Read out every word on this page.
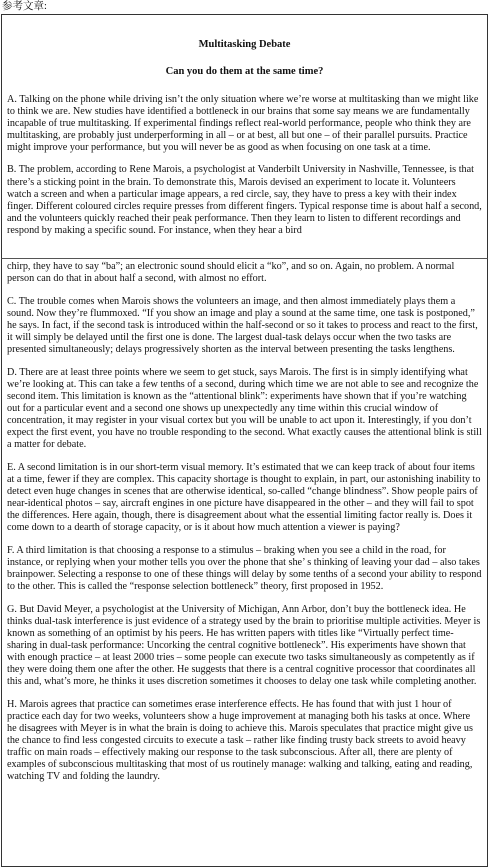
参考文章:
Multitasking Debate
Can you do them at the same time?

A. Talking on the phone while driving isn’t the only situation where we’re worse at multitasking than we might like to think we are. New studies have identified a bottleneck in our brains that some say means we are fundamentally incapable of true multitasking. If experimental findings reflect real-world performance, people who think they are multitasking, are probably just underperforming in all – or at best, all but one – of their parallel pursuits. Practice might improve your performance, but you will never be as good as when focusing on one task at a time.

B. The problem, according to Rene Marois, a psychologist at Vanderbilt University in Nashville, Tennessee, is that there’s a sticking point in the brain. To demonstrate this, Marois devised an experiment to locate it. Volunteers watch a screen and when a particular image appears, a red circle, say, they have to press a key with their index finger. Different coloured circles require presses from different fingers. Typical response time is about half a second, and the volunteers quickly reached their peak performance. Then they learn to listen to different recordings and respond by making a specific sound. For instance, when they hear a bird

chirp, they have to say “ba”; an electronic sound should elicit a “ko”, and so on. Again, no problem. A normal person can do that in about half a second, with almost no effort.

C. The trouble comes when Marois shows the volunteers an image, and then almost immediately plays them a sound. Now they’re flummoxed. “If you show an image and play a sound at the same time, one task is postponed,” he says. In fact, if the second task is introduced within the half-second or so it takes to process and react to the first, it will simply be delayed until the first one is done. The largest dual-task delays occur when the two tasks are presented simultaneously; delays progressively shorten as the interval between presenting the tasks lengthens.

D. There are at least three points where we seem to get stuck, says Marois. The first is in simply identifying what we’re looking at. This can take a few tenths of a second, during which time we are not able to see and recognize the second item. This limitation is known as the “attentional blink”: experiments have shown that if you’re watching out for a particular event and a second one shows up unexpectedly any time within this crucial window of concentration, it may register in your visual cortex but you will be unable to act upon it. Interestingly, if you don’t expect the first event, you have no trouble responding to the second. What exactly causes the attentional blink is still a matter for debate.

E. A second limitation is in our short-term visual memory. It’s estimated that we can keep track of about four items at a time, fewer if they are complex. This capacity shortage is thought to explain, in part, our astonishing inability to detect even huge changes in scenes that are otherwise identical, so-called “change blindness”. Show people pairs of near-identical photos – say, aircraft engines in one picture have disappeared in the other – and they will fail to spot the differences. Here again, though, there is disagreement about what the essential limiting factor really is. Does it come down to a dearth of storage capacity, or is it about how much attention a viewer is paying?

F. A third limitation is that choosing a response to a stimulus – braking when you see a child in the road, for instance, or replying when your mother tells you over the phone that she’ s thinking of leaving your dad – also takes brainpower. Selecting a response to one of these things will delay by some tenths of a second your ability to respond to the other. This is called the “response selection bottleneck” theory, first proposed in 1952.

G. But David Meyer, a psychologist at the University of Michigan, Ann Arbor, don’t buy the bottleneck idea. He thinks dual-task interference is just evidence of a strategy used by the brain to prioritise multiple activities. Meyer is known as something of an optimist by his peers. He has written papers with titles like “Virtually perfect time-sharing in dual-task performance: Uncorking the central cognitive bottleneck”. His experiments have shown that with enough practice – at least 2000 tries – some people can execute two tasks simultaneously as competently as if they were doing them one after the other. He suggests that there is a central cognitive processor that coordinates all this and, what’s more, he thinks it uses discretion sometimes it chooses to delay one task while completing another.

H. Marois agrees that practice can sometimes erase interference effects. He has found that with just 1 hour of practice each day for two weeks, volunteers show a huge improvement at managing both his tasks at once. Where he disagrees with Meyer is in what the brain is doing to achieve this. Marois speculates that practice might give us the chance to find less congested circuits to execute a task – rather like finding trusty back streets to avoid heavy traffic on main roads – effectively making our response to the task subconscious. After all, there are plenty of examples of subconscious multitasking that most of us routinely manage: walking and talking, eating and reading, watching TV and folding the laundry.
